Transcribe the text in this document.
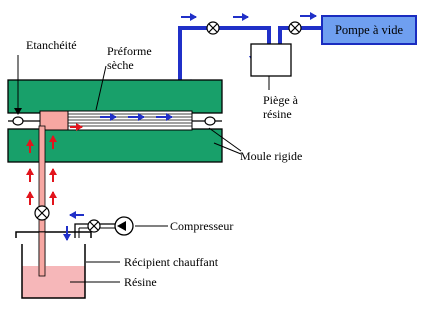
Pompe à vide
Piège à
résine
Etanchéité	Préforme
sèche
Moule rigide
Compresseur
Récipient chauffant
Résine
